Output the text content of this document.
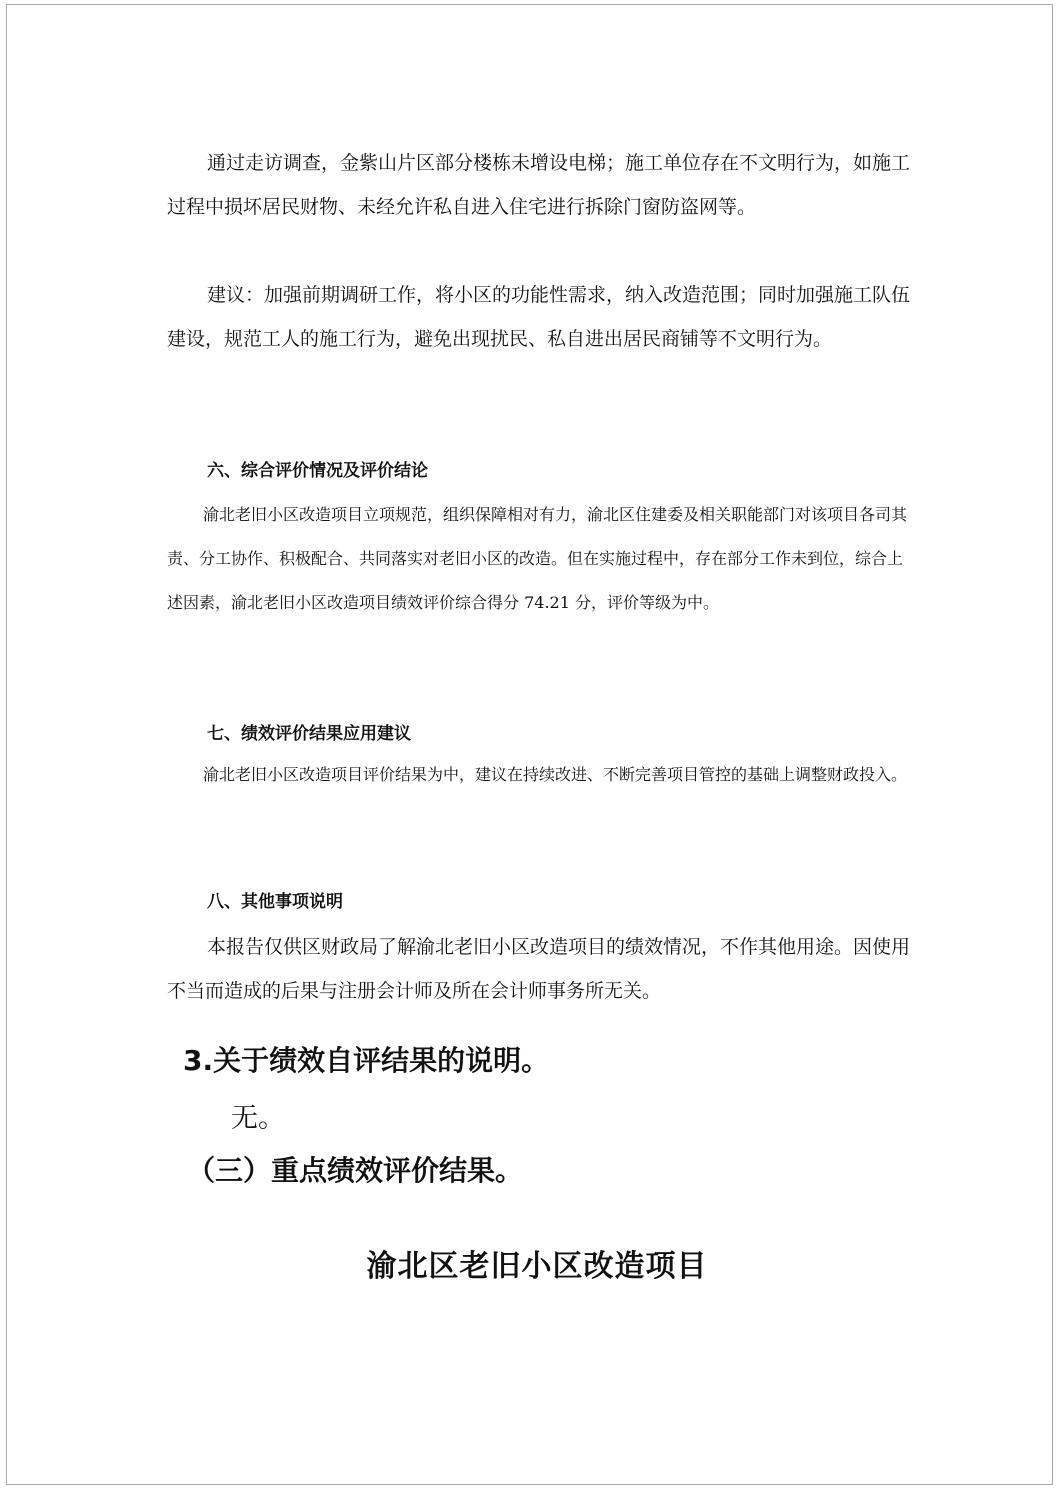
通过走访调查，金紫山片区部分楼栋未增设电梯；施工单位存在不文明行为，如施工过程中损坏居民财物、未经允许私自进入住宅进行拆除门窗防盗网等。

建议：加强前期调研工作，将小区的功能性需求，纳入改造范围；同时加强施工队伍建设，规范工人的施工行为，避免出现扰民、私自进出居民商铺等不文明行为。

六、综合评价情况及评价结论

渝北老旧小区改造项目立项规范，组织保障相对有力，渝北区住建委及相关职能部门对该项目各司其责、分工协作、积极配合、共同落实对老旧小区的改造。但在实施过程中，存在部分工作未到位，综合上述因素，渝北老旧小区改造项目绩效评价综合得分 74.21 分，评价等级为中。

七、绩效评价结果应用建议

渝北老旧小区改造项目评价结果为中，建议在持续改进、不断完善项目管控的基础上调整财政投入。

八、其他事项说明

本报告仅供区财政局了解渝北老旧小区改造项目的绩效情况，不作其他用途。因使用不当而造成的后果与注册会计师及所在会计师事务所无关。

3.关于绩效自评结果的说明。

无。

（三）重点绩效评价结果。
渝北区老旧小区改造项目
